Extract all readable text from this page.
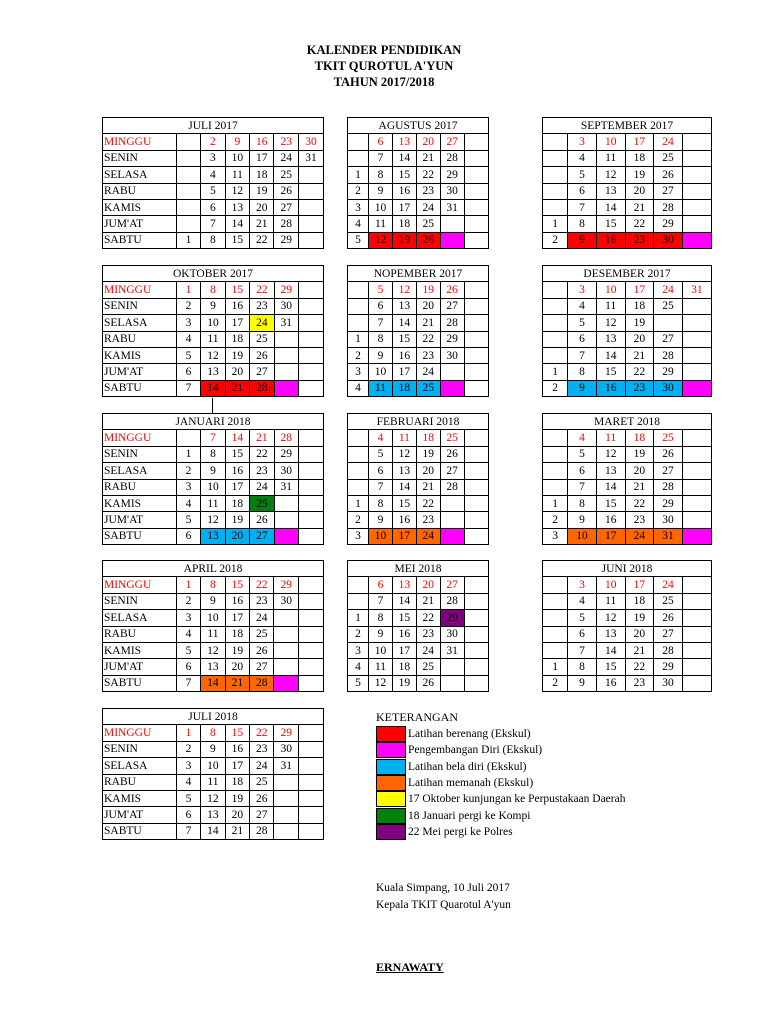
KALENDER PENDIDIKAN
TKIT QUROTUL A'YUN
TAHUN 2017/2018
JULI 2017						
MINGGU		2	9	16	23	30
SENIN		3	10	17	24	31
SELASA		4	11	18	25	
RABU		5	12	19	26	
KAMIS		6	13	20	27	
JUM'AT		7	14	21	28	
SABTU	1	8	15	22	29	
AGUSTUS 2017					
	6	13	20	27	
	7	14	21	28	
1	8	15	22	29	
2	9	16	23	30	
3	10	17	24	31	
4	11	18	25		
5	12	19	26		
SEPTEMBER 2017					
	3	10	17	24	
	4	11	18	25	
	5	12	19	26	
	6	13	20	27	
	7	14	21	28	
1	8	15	22	29	
2	9	16	23	30	
OKTOBER 2017						
MINGGU	1	8	15	22	29	
SENIN	2	9	16	23	30	
SELASA	3	10	17	24	31	
RABU	4	11	18	25		
KAMIS	5	12	19	26		
JUM'AT	6	13	20	27		
SABTU	7	14	21	28		
NOPEMBER 2017					
	5	12	19	26	
	6	13	20	27	
	7	14	21	28	
1	8	15	22	29	
2	9	16	23	30	
3	10	17	24		
4	11	18	25		
DESEMBER 2017					
	3	10	17	24	31
	4	11	18	25	
	5	12	19		
	6	13	20	27	
	7	14	21	28	
1	8	15	22	29	
2	9	16	23	30	
JANUARI 2018						
MINGGU		7	14	21	28	
SENIN	1	8	15	22	29	
SELASA	2	9	16	23	30	
RABU	3	10	17	24	31	
KAMIS	4	11	18	25		
JUM'AT	5	12	19	26		
SABTU	6	13	20	27		
FEBRUARI 2018					
	4	11	18	25	
	5	12	19	26	
	6	13	20	27	
	7	14	21	28	
1	8	15	22		
2	9	16	23		
3	10	17	24		
MARET 2018					
	4	11	18	25	
	5	12	19	26	
	6	13	20	27	
	7	14	21	28	
1	8	15	22	29	
2	9	16	23	30	
3	10	17	24	31	
APRIL 2018						
MINGGU	1	8	15	22	29	
SENIN	2	9	16	23	30	
SELASA	3	10	17	24		
RABU	4	11	18	25		
KAMIS	5	12	19	26		
JUM'AT	6	13	20	27		
SABTU	7	14	21	28		
MEI 2018					
	6	13	20	27	
	7	14	21	28	
1	8	15	22	29	
2	9	16	23	30	
3	10	17	24	31	
4	11	18	25		
5	12	19	26		
JUNI 2018					
	3	10	17	24	
	4	11	18	25	
	5	12	19	26	
	6	13	20	27	
	7	14	21	28	
1	8	15	22	29	
2	9	16	23	30	
JULI 2018						
MINGGU	1	8	15	22	29	
SENIN	2	9	16	23	30	
SELASA	3	10	17	24	31	
RABU	4	11	18	25		
KAMIS	5	12	19	26		
JUM'AT	6	13	20	27		
SABTU	7	14	21	28		
KETERANGAN
Latihan berenang (Ekskul)
Pengembangan Diri (Ekskul)
Latihan bela diri (Ekskul)
Latihan memanah (Ekskul)
17 Oktober kunjungan ke Perpustakaan Daerah
18 Januari pergi ke Kompi
22 Mei pergi ke Polres
Kuala Simpang, 10 Juli 2017
Kepala TKIT Quarotul A'yun
ERNAWATY
